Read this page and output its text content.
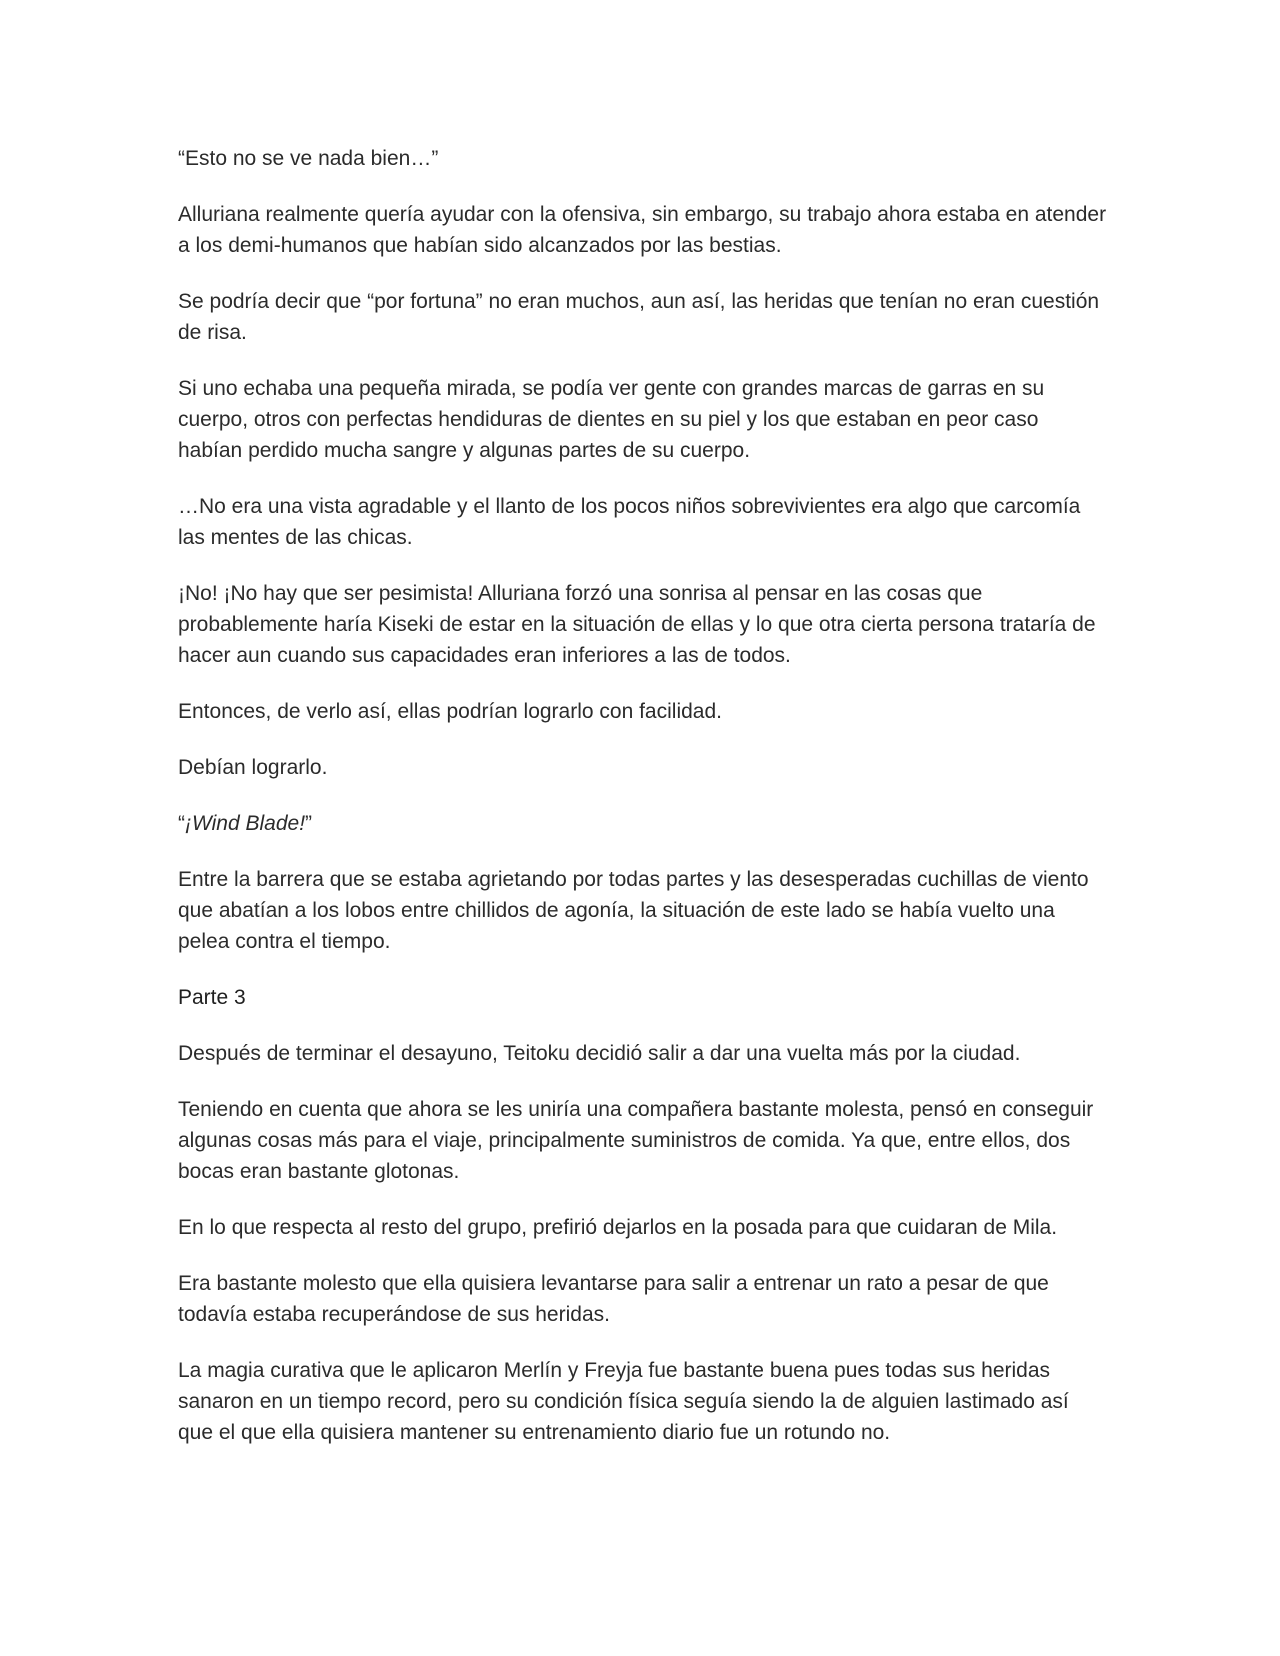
“Esto no se ve nada bien…”

Alluriana realmente quería ayudar con la ofensiva, sin embargo, su trabajo ahora estaba en atender a los demi-humanos que habían sido alcanzados por las bestias.

Se podría decir que “por fortuna” no eran muchos, aun así, las heridas que tenían no eran cuestión de risa.

Si uno echaba una pequeña mirada, se podía ver gente con grandes marcas de garras en su cuerpo, otros con perfectas hendiduras de dientes en su piel y los que estaban en peor caso habían perdido mucha sangre y algunas partes de su cuerpo.

…No era una vista agradable y el llanto de los pocos niños sobrevivientes era algo que carcomía las mentes de las chicas.

¡No! ¡No hay que ser pesimista! Alluriana forzó una sonrisa al pensar en las cosas que probablemente haría Kiseki de estar en la situación de ellas y lo que otra cierta persona trataría de hacer aun cuando sus capacidades eran inferiores a las de todos.

Entonces, de verlo así, ellas podrían lograrlo con facilidad.

Debían lograrlo.

“¡Wind Blade!”

Entre la barrera que se estaba agrietando por todas partes y las desesperadas cuchillas de viento que abatían a los lobos entre chillidos de agonía, la situación de este lado se había vuelto una pelea contra el tiempo.

Parte 3

Después de terminar el desayuno, Teitoku decidió salir a dar una vuelta más por la ciudad.

Teniendo en cuenta que ahora se les uniría una compañera bastante molesta, pensó en conseguir algunas cosas más para el viaje, principalmente suministros de comida. Ya que, entre ellos, dos bocas eran bastante glotonas.

En lo que respecta al resto del grupo, prefirió dejarlos en la posada para que cuidaran de Mila.

Era bastante molesto que ella quisiera levantarse para salir a entrenar un rato a pesar de que todavía estaba recuperándose de sus heridas.

La magia curativa que le aplicaron Merlín y Freyja fue bastante buena pues todas sus heridas sanaron en un tiempo record, pero su condición física seguía siendo la de alguien lastimado así que el que ella quisiera mantener su entrenamiento diario fue un rotundo no.
